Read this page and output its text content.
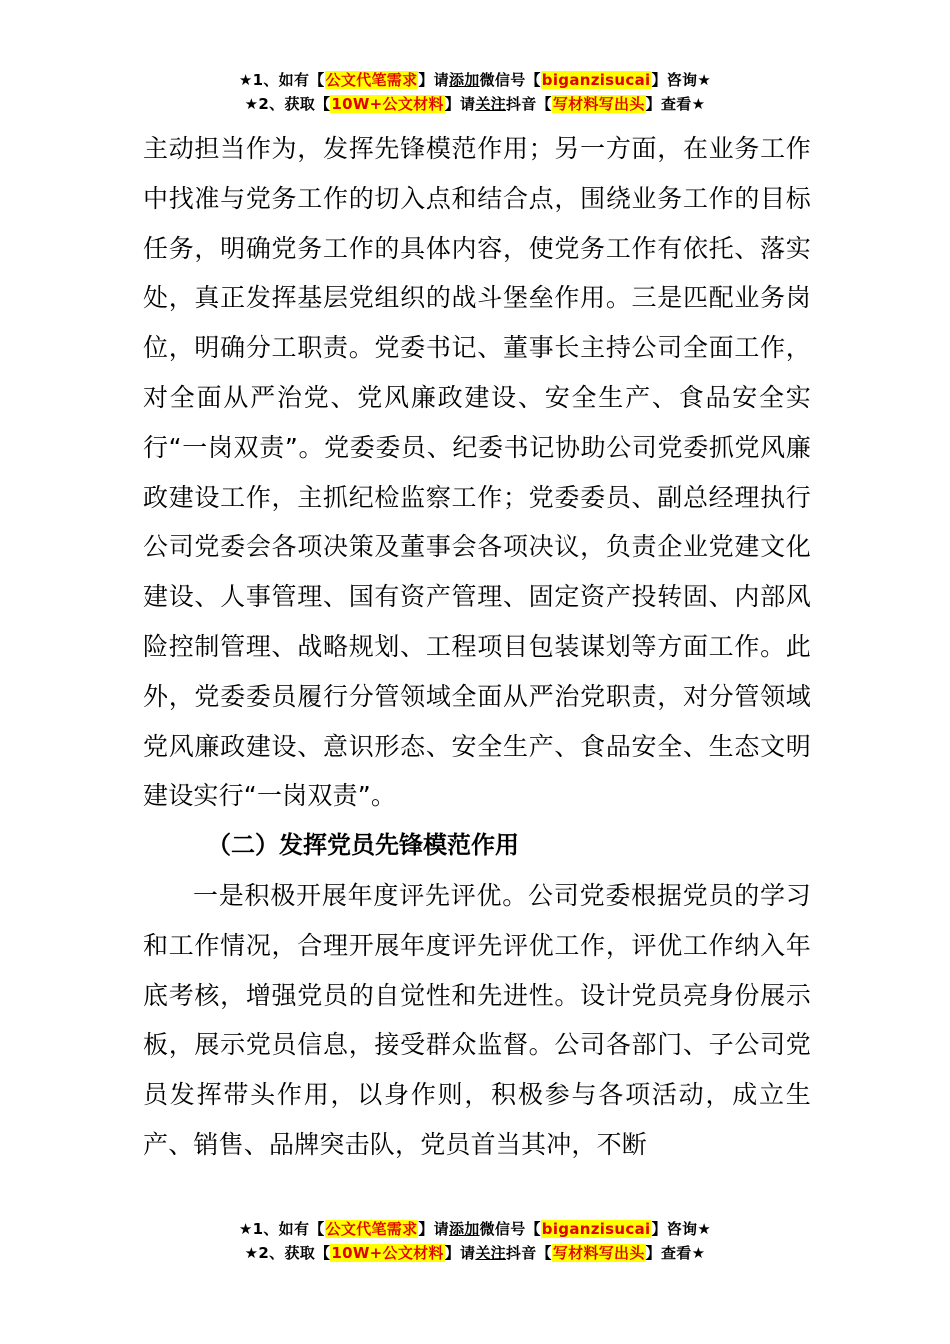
★1、如有【公文代笔需求】请添加微信号【biganzisucai】咨询★
★2、获取【10W+公文材料】请关注抖音【写材料写出头】查看★

主动担当作为，发挥先锋模范作用；另一方面，在业务工作中找准与党务工作的切入点和结合点，围绕业务工作的目标任务，明确党务工作的具体内容，使党务工作有依托、落实处，真正发挥基层党组织的战斗堡垒作用。三是匹配业务岗位，明确分工职责。党委书记、董事长主持公司全面工作，对全面从严治党、党风廉政建设、安全生产、食品安全实行“一岗双责”。党委委员、纪委书记协助公司党委抓党风廉政建设工作，主抓纪检监察工作；党委委员、副总经理执行公司党委会各项决策及董事会各项决议，负责企业党建文化建设、人事管理、国有资产管理、固定资产投转固、内部风险控制管理、战略规划、工程项目包装谋划等方面工作。此外，党委委员履行分管领域全面从严治党职责，对分管领域党风廉政建设、意识形态、安全生产、食品安全、生态文明建设实行“一岗双责”。

（二）发挥党员先锋模范作用

一是积极开展年度评先评优。公司党委根据党员的学习和工作情况，合理开展年度评先评优工作，评优工作纳入年底考核，增强党员的自觉性和先进性。设计党员亮身份展示板，展示党员信息，接受群众监督。公司各部门、子公司党员发挥带头作用，以身作则，积极参与各项活动，成立生产、销售、品牌突击队，党员首当其冲，不断

★1、如有【公文代笔需求】请添加微信号【biganzisucai】咨询★
★2、获取【10W+公文材料】请关注抖音【写材料写出头】查看★
